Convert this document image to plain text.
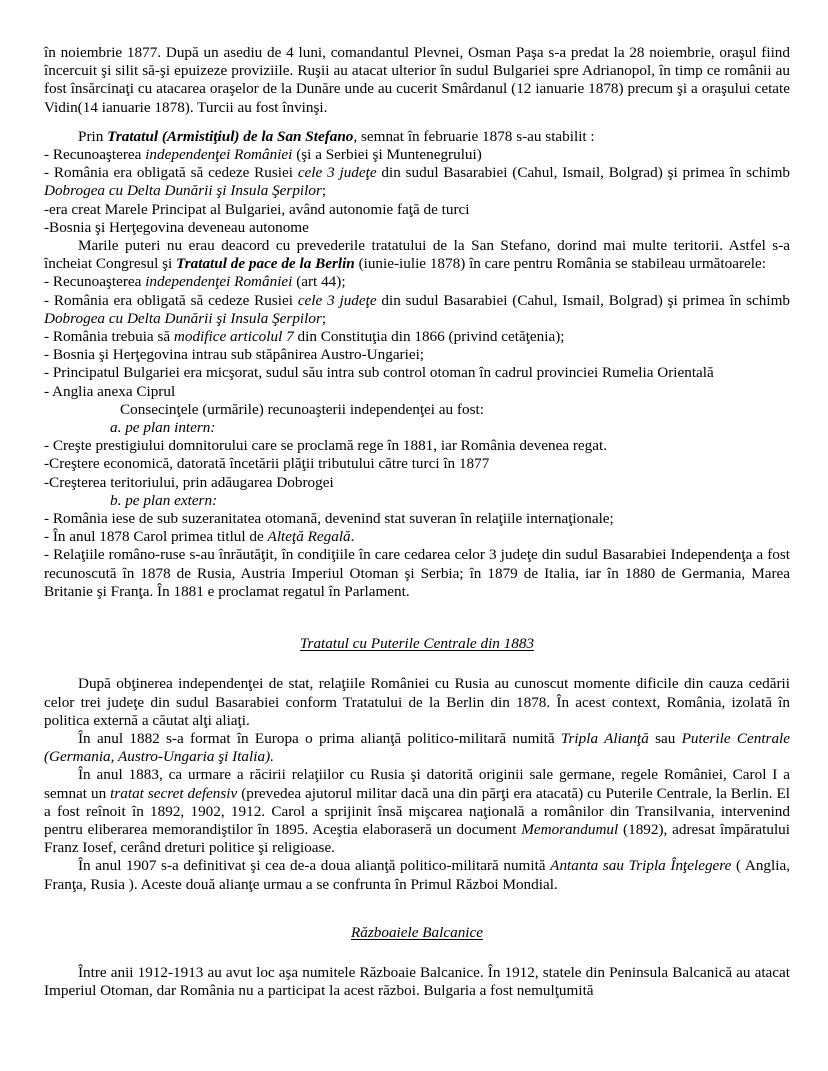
în noiembrie 1877. După un asediu de 4 luni, comandantul Plevnei, Osman Paşa s-a predat la 28 noiembrie, oraşul fiind încercuit şi silit să-şi epuizeze proviziile. Ruşii au atacat ulterior în sudul Bulgariei spre Adrianopol, în timp ce românii au fost însărcinaţi cu atacarea oraşelor de la Dunăre unde au cucerit Smârdanul (12 ianuarie 1878) precum şi a oraşului cetate Vidin(14 ianuarie 1878). Turcii au fost învinşi.

Prin Tratatul (Armistiţiul) de la San Stefano, semnat în februarie 1878 s-au stabilit :

- Recunoaşterea independenţei României (şi a Serbiei şi Muntenegrului)

- România era obligată să cedeze Rusiei cele 3 judeţe din sudul Basarabiei (Cahul, Ismail, Bolgrad) şi primea în schimb Dobrogea cu Delta Dunării şi Insula Şerpilor;

-era creat Marele Principat al Bulgariei, având autonomie faţă de turci

-Bosnia şi Herţegovina deveneau autonome

Marile puteri nu erau deacord cu prevederile tratatului de la San Stefano, dorind mai multe teritorii. Astfel s-a încheiat Congresul şi Tratatul de pace de la Berlin (iunie-iulie 1878) în care pentru România se stabileau următoarele:

- Recunoaşterea independenţei României (art 44);

- România era obligată să cedeze Rusiei cele 3 judeţe din sudul Basarabiei (Cahul, Ismail, Bolgrad) şi primea în schimb Dobrogea cu Delta Dunării şi Insula Şerpilor;

- România trebuia să modifice articolul 7 din Constituţia din 1866 (privind cetăţenia);

- Bosnia şi Herţegovina intrau sub stăpânirea Austro-Ungariei;

- Principatul Bulgariei era micşorat, sudul său intra sub control otoman în cadrul provinciei Rumelia Orientală

- Anglia anexa Ciprul

Consecinţele (urmările) recunoaşterii independenţei au fost:

a. pe plan intern:

- Creşte prestigiului domnitorului care se proclamă rege în 1881, iar România devenea regat.

-Creştere economică, datorată încetării plăţii tributului către turci în 1877

-Creşterea teritoriului, prin adăugarea Dobrogei

b. pe plan extern:

- România iese de sub suzeranitatea otomană, devenind stat suveran în relaţiile internaţionale;

- În anul 1878 Carol primea titlul de Alteţă Regală.

- Relaţiile româno-ruse s-au înrăutăţit, în condiţiile în care cedarea celor 3 judeţe din sudul Basarabiei Independenţa a fost recunoscută în 1878 de Rusia, Austria Imperiul Otoman şi Serbia; în 1879 de Italia, iar în 1880 de Germania, Marea Britanie şi Franţa. În 1881 e proclamat regatul în Parlament.

Tratatul cu Puterile Centrale din 1883

După obţinerea independenţei de stat, relaţiile României cu Rusia au cunoscut momente dificile din cauza cedării celor trei judeţe din sudul Basarabiei conform Tratatului de la Berlin din 1878. În acest context, România, izolată în politica externă a căutat alţi aliaţi.

În anul 1882 s-a format în Europa o prima alianţă politico-militară numită Tripla Alianţă sau Puterile Centrale (Germania, Austro-Ungaria şi Italia).

În anul 1883, ca urmare a răcirii relaţiilor cu Rusia şi datorită originii sale germane, regele României, Carol I a semnat un tratat secret defensiv (prevedea ajutorul militar dacă una din părţi era atacată) cu Puterile Centrale, la Berlin. El a fost reînoit în 1892, 1902, 1912. Carol a sprijinit însă mişcarea naţională a românilor din Transilvania, intervenind pentru eliberarea memorandiştilor în 1895. Aceştia elaboraseră un document Memorandumul (1892), adresat împăratului Franz Iosef, cerând dreturi politice şi religioase.

În anul 1907 s-a definitivat şi cea de-a doua alianţă politico-militară numită Antanta sau Tripla Înţelegere ( Anglia, Franţa, Rusia ). Aceste două alianţe urmau a se confrunta în Primul Război Mondial.

Războaiele Balcanice

Între anii 1912-1913 au avut loc aşa numitele Războaie Balcanice. În 1912, statele din Peninsula Balcanică au atacat Imperiul Otoman, dar România nu a participat la acest război. Bulgaria a fost nemulţumită
